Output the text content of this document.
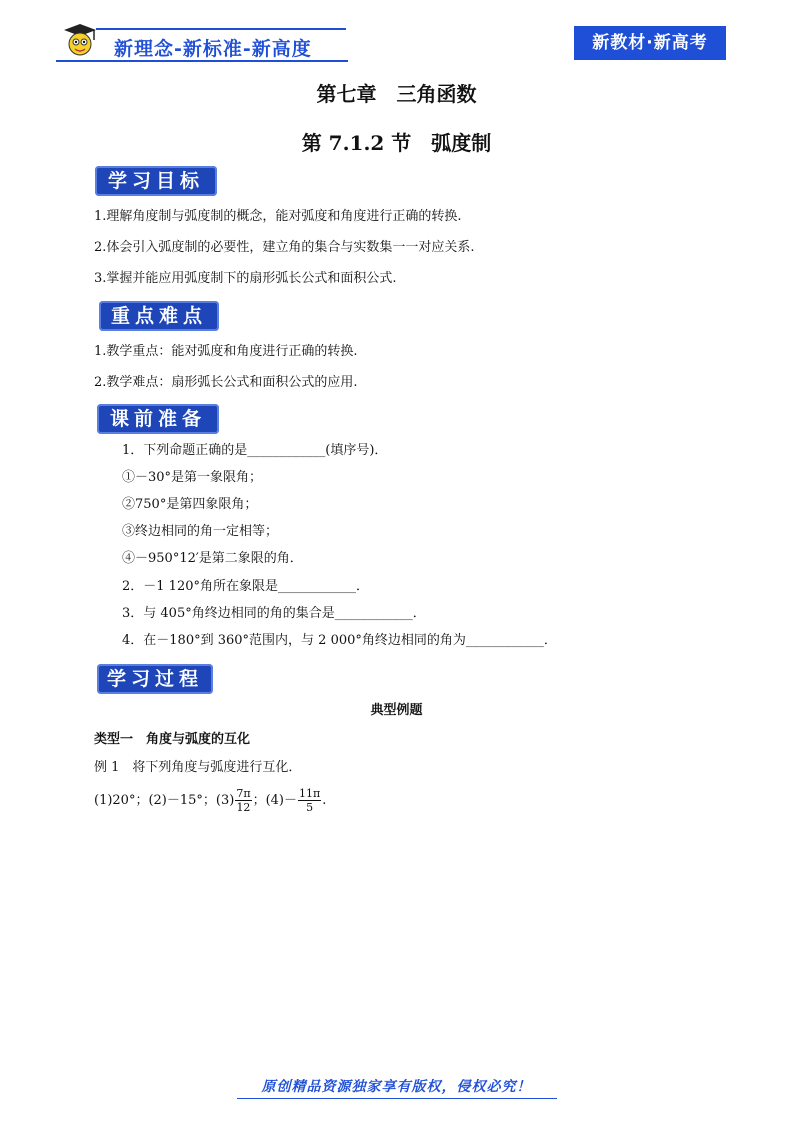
新理念-新标准-新高度	新教材·新高考
第七章　三角函数
第 7.1.2 节　弧度制
学习目标
1.理解角度制与弧度制的概念，能对弧度和角度进行正确的转换.
2.体会引入弧度制的必要性，建立角的集合与实数集一一对应关系.
3.掌握并能应用弧度制下的扇形弧长公式和面积公式.
重点难点
1.教学重点：能对弧度和角度进行正确的转换.
2.教学难点：扇形弧长公式和面积公式的应用.
课前准备
1．下列命题正确的是____________(填序号)．
①－30°是第一象限角；
②750°是第四象限角；
③终边相同的角一定相等；
④－950°12′是第二象限的角．
2．－1 120°角所在象限是____________．
3．与 405°角终边相同的角的集合是____________．
4．在－180°到 360°范围内，与 2 000°角终边相同的角为____________．
学习过程
典型例题
类型一　角度与弧度的互化
例 1　将下列角度与弧度进行互化．
(1)20°；(2)－15°；$(3) \frac{7\pi}{12}$ ；$(4)- \frac{11\pi}{5}$ .
原创精品资源独家享有版权，侵权必究！
